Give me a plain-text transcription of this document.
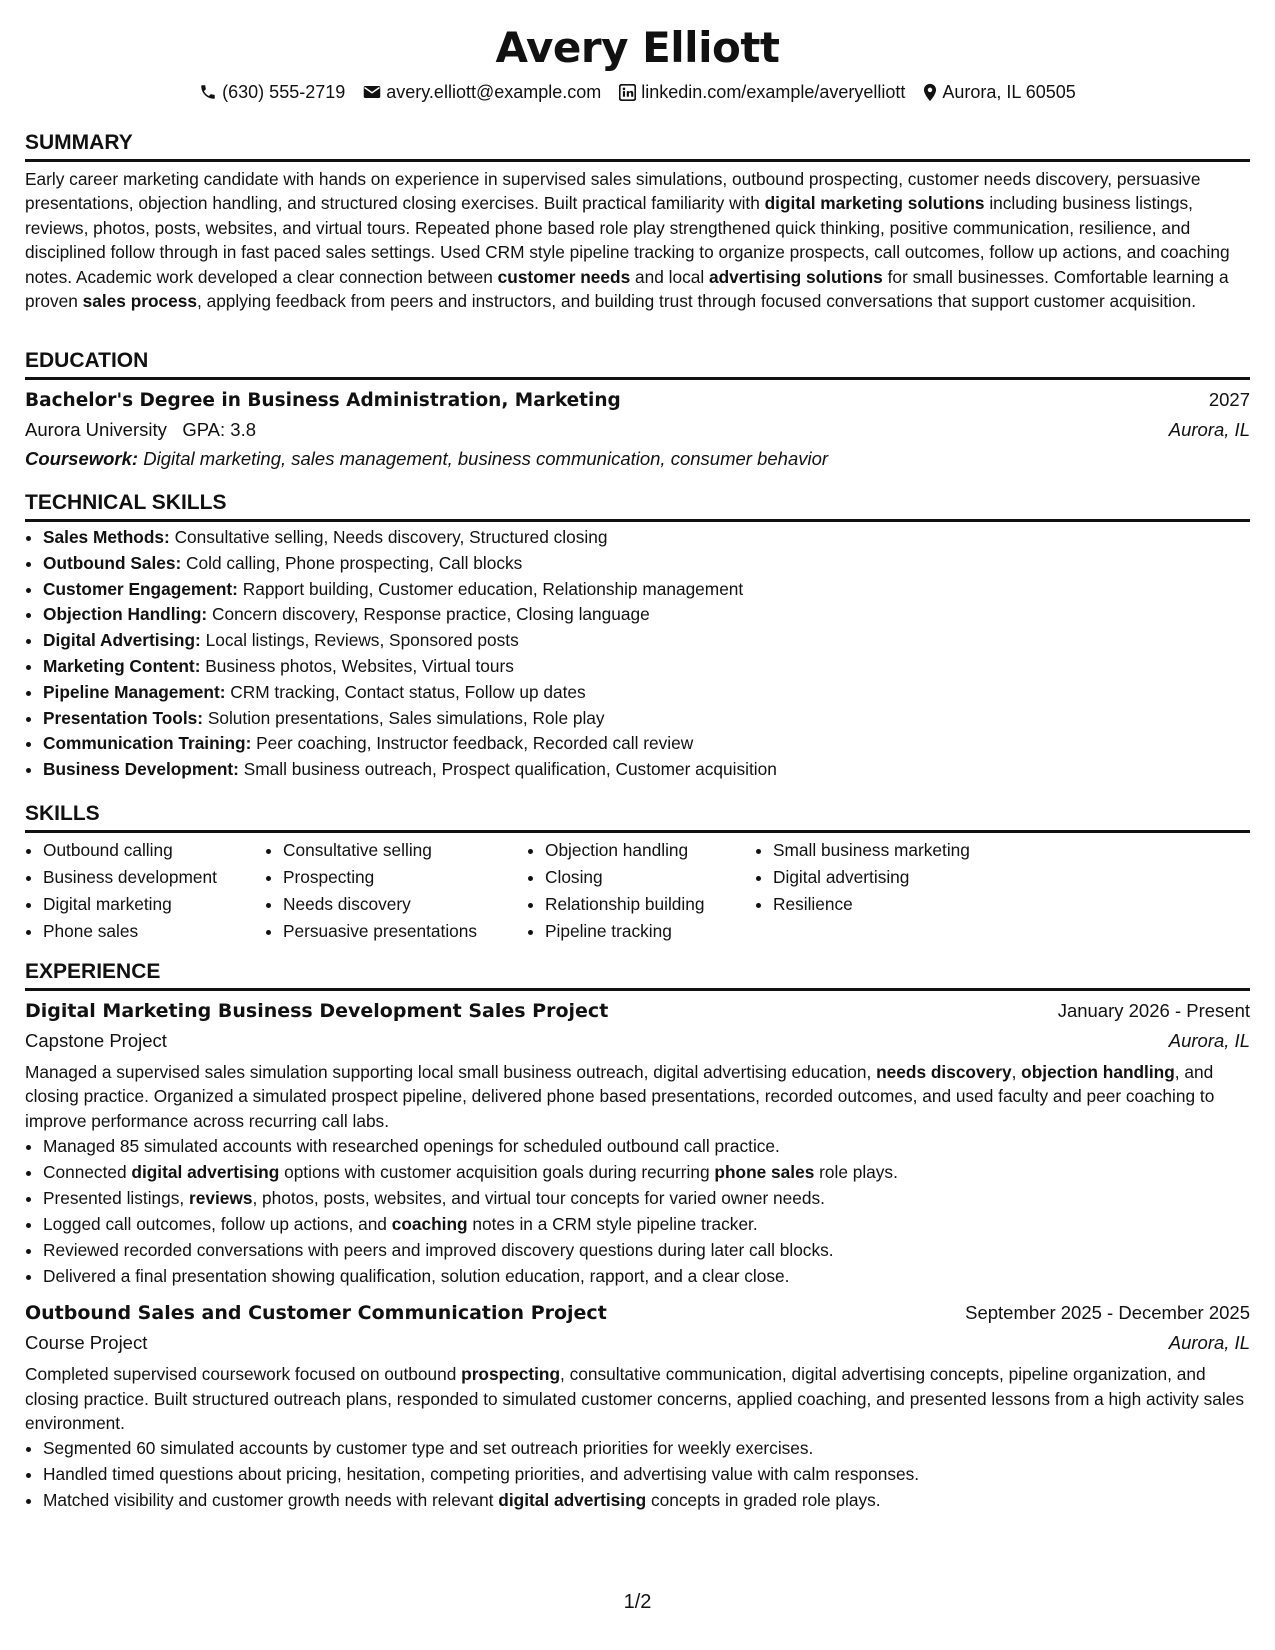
Avery Elliott
(630) 555-2719 avery.elliott@example.com linkedin.com/example/averyelliott Aurora, IL 60505
SUMMARY

Early career marketing candidate with hands on experience in supervised sales simulations, outbound prospecting, customer needs discovery, persuasive presentations, objection handling, and structured closing exercises. Built practical familiarity with digital marketing solutions including business listings, reviews, photos, posts, websites, and virtual tours. Repeated phone based role play strengthened quick thinking, positive communication, resilience, and disciplined follow through in fast paced sales settings. Used CRM style pipeline tracking to organize prospects, call outcomes, follow up actions, and coaching notes. Academic work developed a clear connection between customer needs and local advertising solutions for small businesses. Comfortable learning a proven sales process, applying feedback from peers and instructors, and building trust through focused conversations that support customer acquisition.

EDUCATION
Bachelor's Degree in Business Administration, Marketing	2027
Aurora University GPA: 3.8	Aurora, IL
Coursework: Digital marketing, sales management, business communication, consumer behavior
TECHNICAL SKILLS
• Sales Methods: Consultative selling, Needs discovery, Structured closing
• Outbound Sales: Cold calling, Phone prospecting, Call blocks
• Customer Engagement: Rapport building, Customer education, Relationship management
• Objection Handling: Concern discovery, Response practice, Closing language
• Digital Advertising: Local listings, Reviews, Sponsored posts
• Marketing Content: Business photos, Websites, Virtual tours
• Pipeline Management: CRM tracking, Contact status, Follow up dates
• Presentation Tools: Solution presentations, Sales simulations, Role play
• Communication Training: Peer coaching, Instructor feedback, Recorded call review
• Business Development: Small business outreach, Prospect qualification, Customer acquisition
SKILLS
• Outbound calling
• Business development
• Digital marketing
• Phone sales
• Consultative selling
• Prospecting
• Needs discovery
• Persuasive presentations
• Objection handling
• Closing
• Relationship building
• Pipeline tracking
• Small business marketing
• Digital advertising
• Resilience
EXPERIENCE
Digital Marketing Business Development Sales Project	January 2026 - Present
Capstone Project	Aurora, IL

Managed a supervised sales simulation supporting local small business outreach, digital advertising education, needs discovery, objection handling, and closing practice. Organized a simulated prospect pipeline, delivered phone based presentations, recorded outcomes, and used faculty and peer coaching to improve performance across recurring call labs.

• Managed 85 simulated accounts with researched openings for scheduled outbound call practice.
• Connected digital advertising options with customer acquisition goals during recurring phone sales role plays.
• Presented listings, reviews, photos, posts, websites, and virtual tour concepts for varied owner needs.
• Logged call outcomes, follow up actions, and coaching notes in a CRM style pipeline tracker.
• Reviewed recorded conversations with peers and improved discovery questions during later call blocks.
• Delivered a final presentation showing qualification, solution education, rapport, and a clear close.
Outbound Sales and Customer Communication Project	September 2025 - December 2025
Course Project	Aurora, IL

Completed supervised coursework focused on outbound prospecting, consultative communication, digital advertising concepts, pipeline organization, and closing practice. Built structured outreach plans, responded to simulated customer concerns, applied coaching, and presented lessons from a high activity sales environment.

• Segmented 60 simulated accounts by customer type and set outreach priorities for weekly exercises.
• Handled timed questions about pricing, hesitation, competing priorities, and advertising value with calm responses.
• Matched visibility and customer growth needs with relevant digital advertising concepts in graded role plays.
1/2
